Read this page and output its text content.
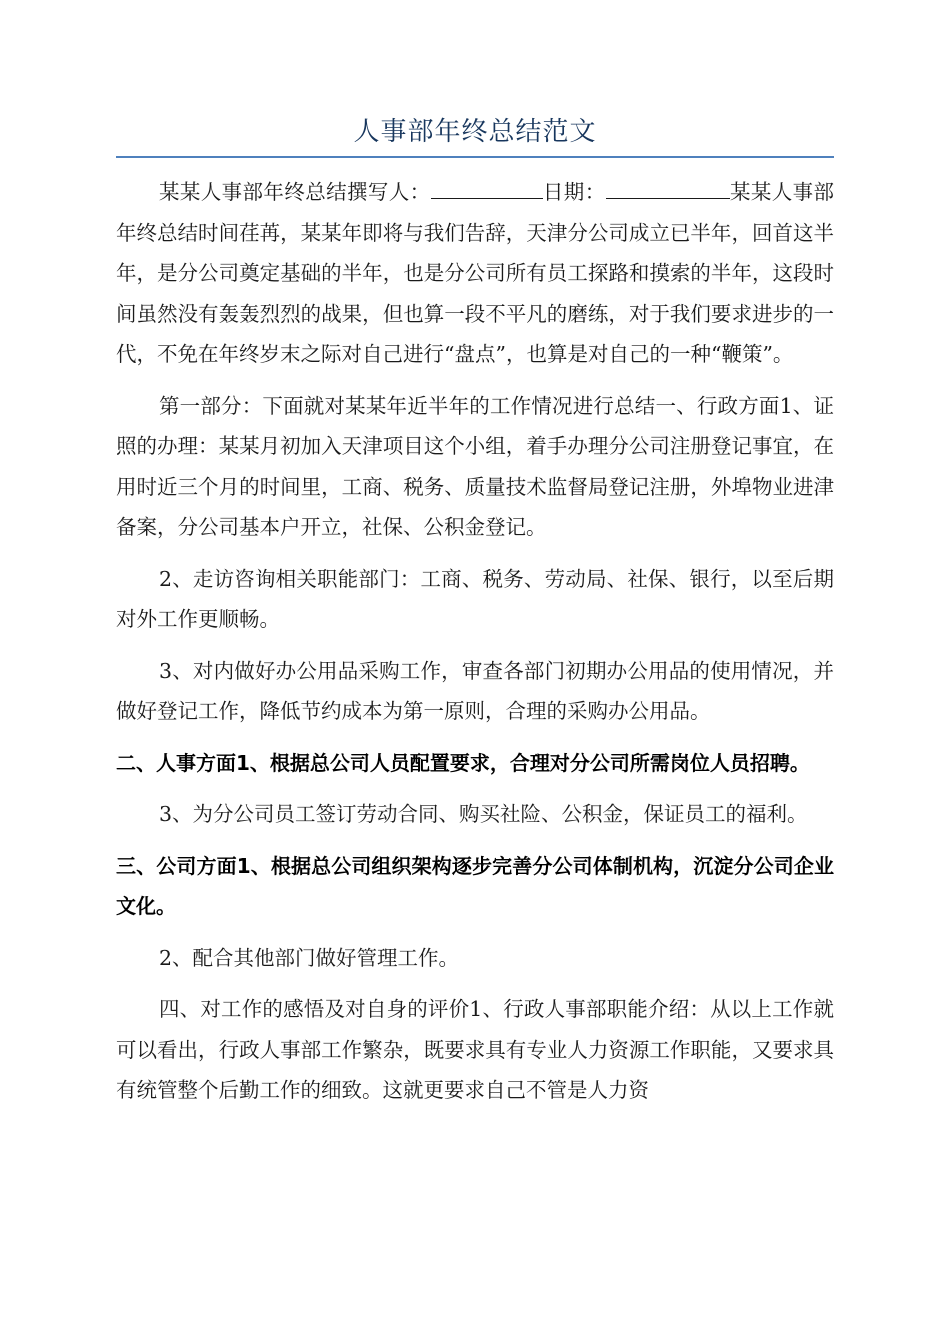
人事部年终总结范文

某某人事部年终总结撰写人：	日期：	某某人事部年终总结时间荏苒，某某年即将与我们告辞，天津分公司成立已半年，回首这半年，是分公司奠定基础的半年，也是分公司所有员工探路和摸索的半年，这段时间虽然没有轰轰烈烈的战果，但也算一段不平凡的磨练，对于我们要求进步的一代，不免在年终岁末之际对自己进行“盘点”，也算是对自己的一种“鞭策”。

第一部分：下面就对某某年近半年的工作情况进行总结一、行政方面1、证照的办理：某某月初加入天津项目这个小组，着手办理分公司注册登记事宜，在用时近三个月的时间里，工商、税务、质量技术监督局登记注册，外埠物业进津备案，分公司基本户开立，社保、公积金登记。

2、走访咨询相关职能部门：工商、税务、劳动局、社保、银行，以至后期对外工作更顺畅。

3、对内做好办公用品采购工作，审查各部门初期办公用品的使用情况，并做好登记工作，降低节约成本为第一原则，合理的采购办公用品。

二、人事方面1、根据总公司人员配置要求，合理对分公司所需岗位人员招聘。

3、为分公司员工签订劳动合同、购买社险、公积金，保证员工的福利。

三、公司方面1、根据总公司组织架构逐步完善分公司体制机构，沉淀分公司企业文化。

2、配合其他部门做好管理工作。

四、对工作的感悟及对自身的评价1、行政人事部职能介绍：从以上工作就可以看出，行政人事部工作繁杂，既要求具有专业人力资源工作职能，又要求具有统管整个后勤工作的细致。这就更要求自己不管是人力资
